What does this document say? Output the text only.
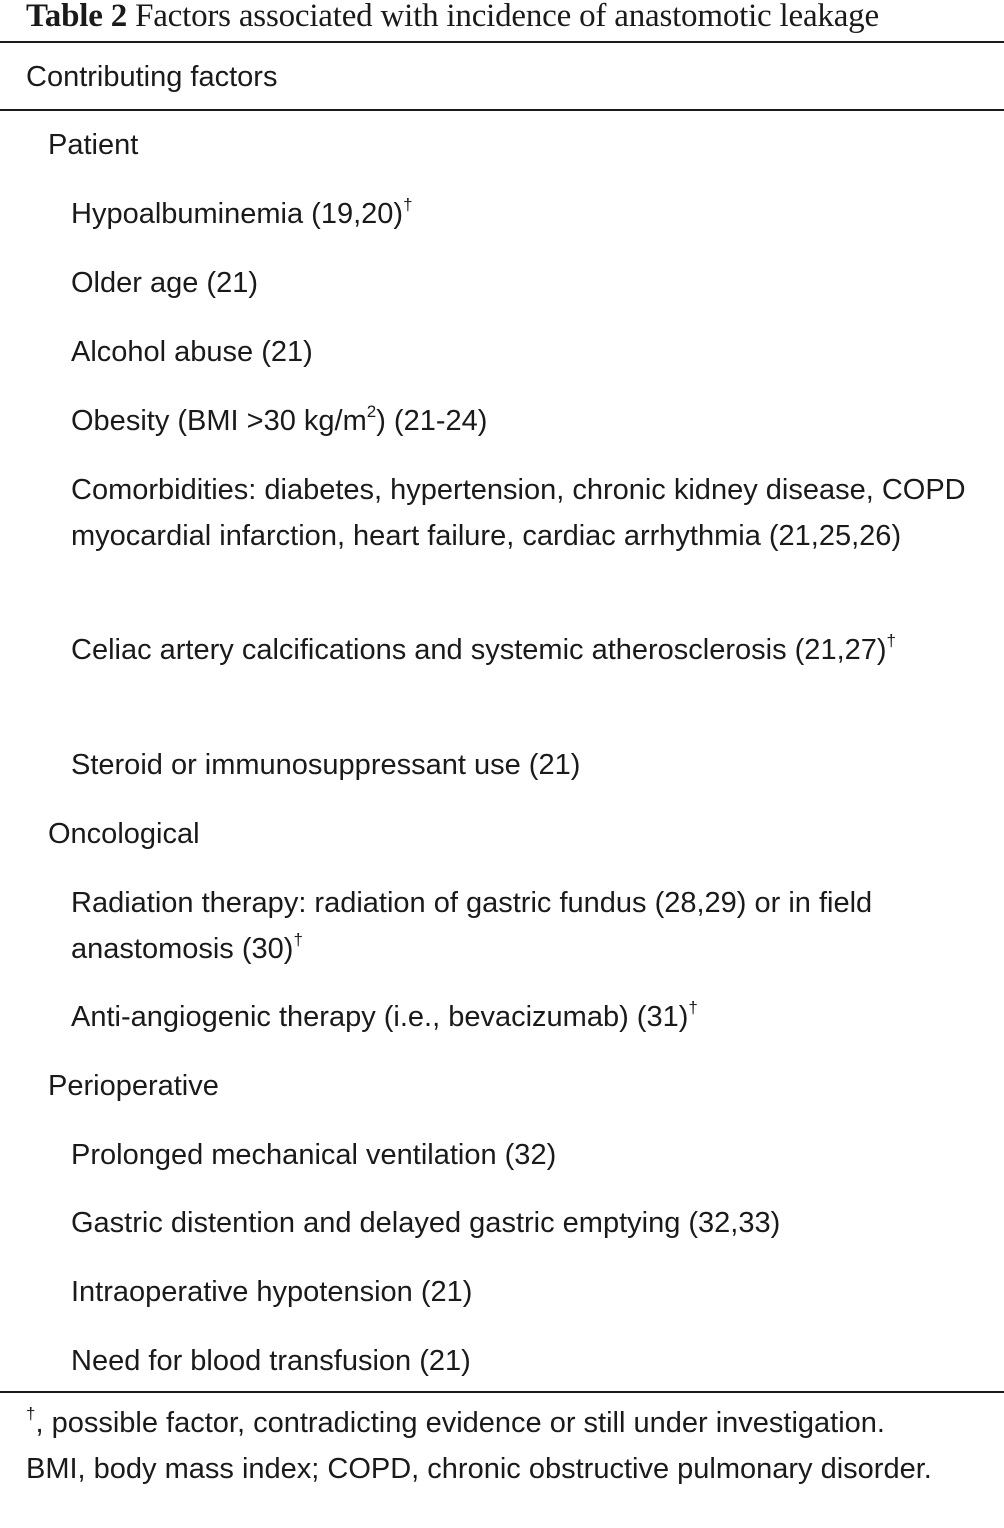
Table 2 Factors associated with incidence of anastomotic leakage
Contributing factors
Patient
Hypoalbuminemia (19,20)†
Older age (21)
Alcohol abuse (21)
Obesity (BMI >30 $kg/m^2$) (21-24)
Comorbidities: diabetes, hypertension, chronic kidney disease, COPD myocardial infarction, heart failure, cardiac arrhythmia (21,25,26)
Celiac artery calcifications and systemic atherosclerosis (21,27)†
Steroid or immunosuppressant use (21)
Oncological
Radiation therapy: radiation of gastric fundus (28,29) or in field anastomosis (30)†
Anti-angiogenic therapy (i.e., bevacizumab) (31)†
Perioperative
Prolonged mechanical ventilation (32)
Gastric distention and delayed gastric emptying (32,33)
Intraoperative hypotension (21)
Need for blood transfusion (21)
†, possible factor, contradicting evidence or still under investigation.
BMI, body mass index; COPD, chronic obstructive pulmonary disorder.
